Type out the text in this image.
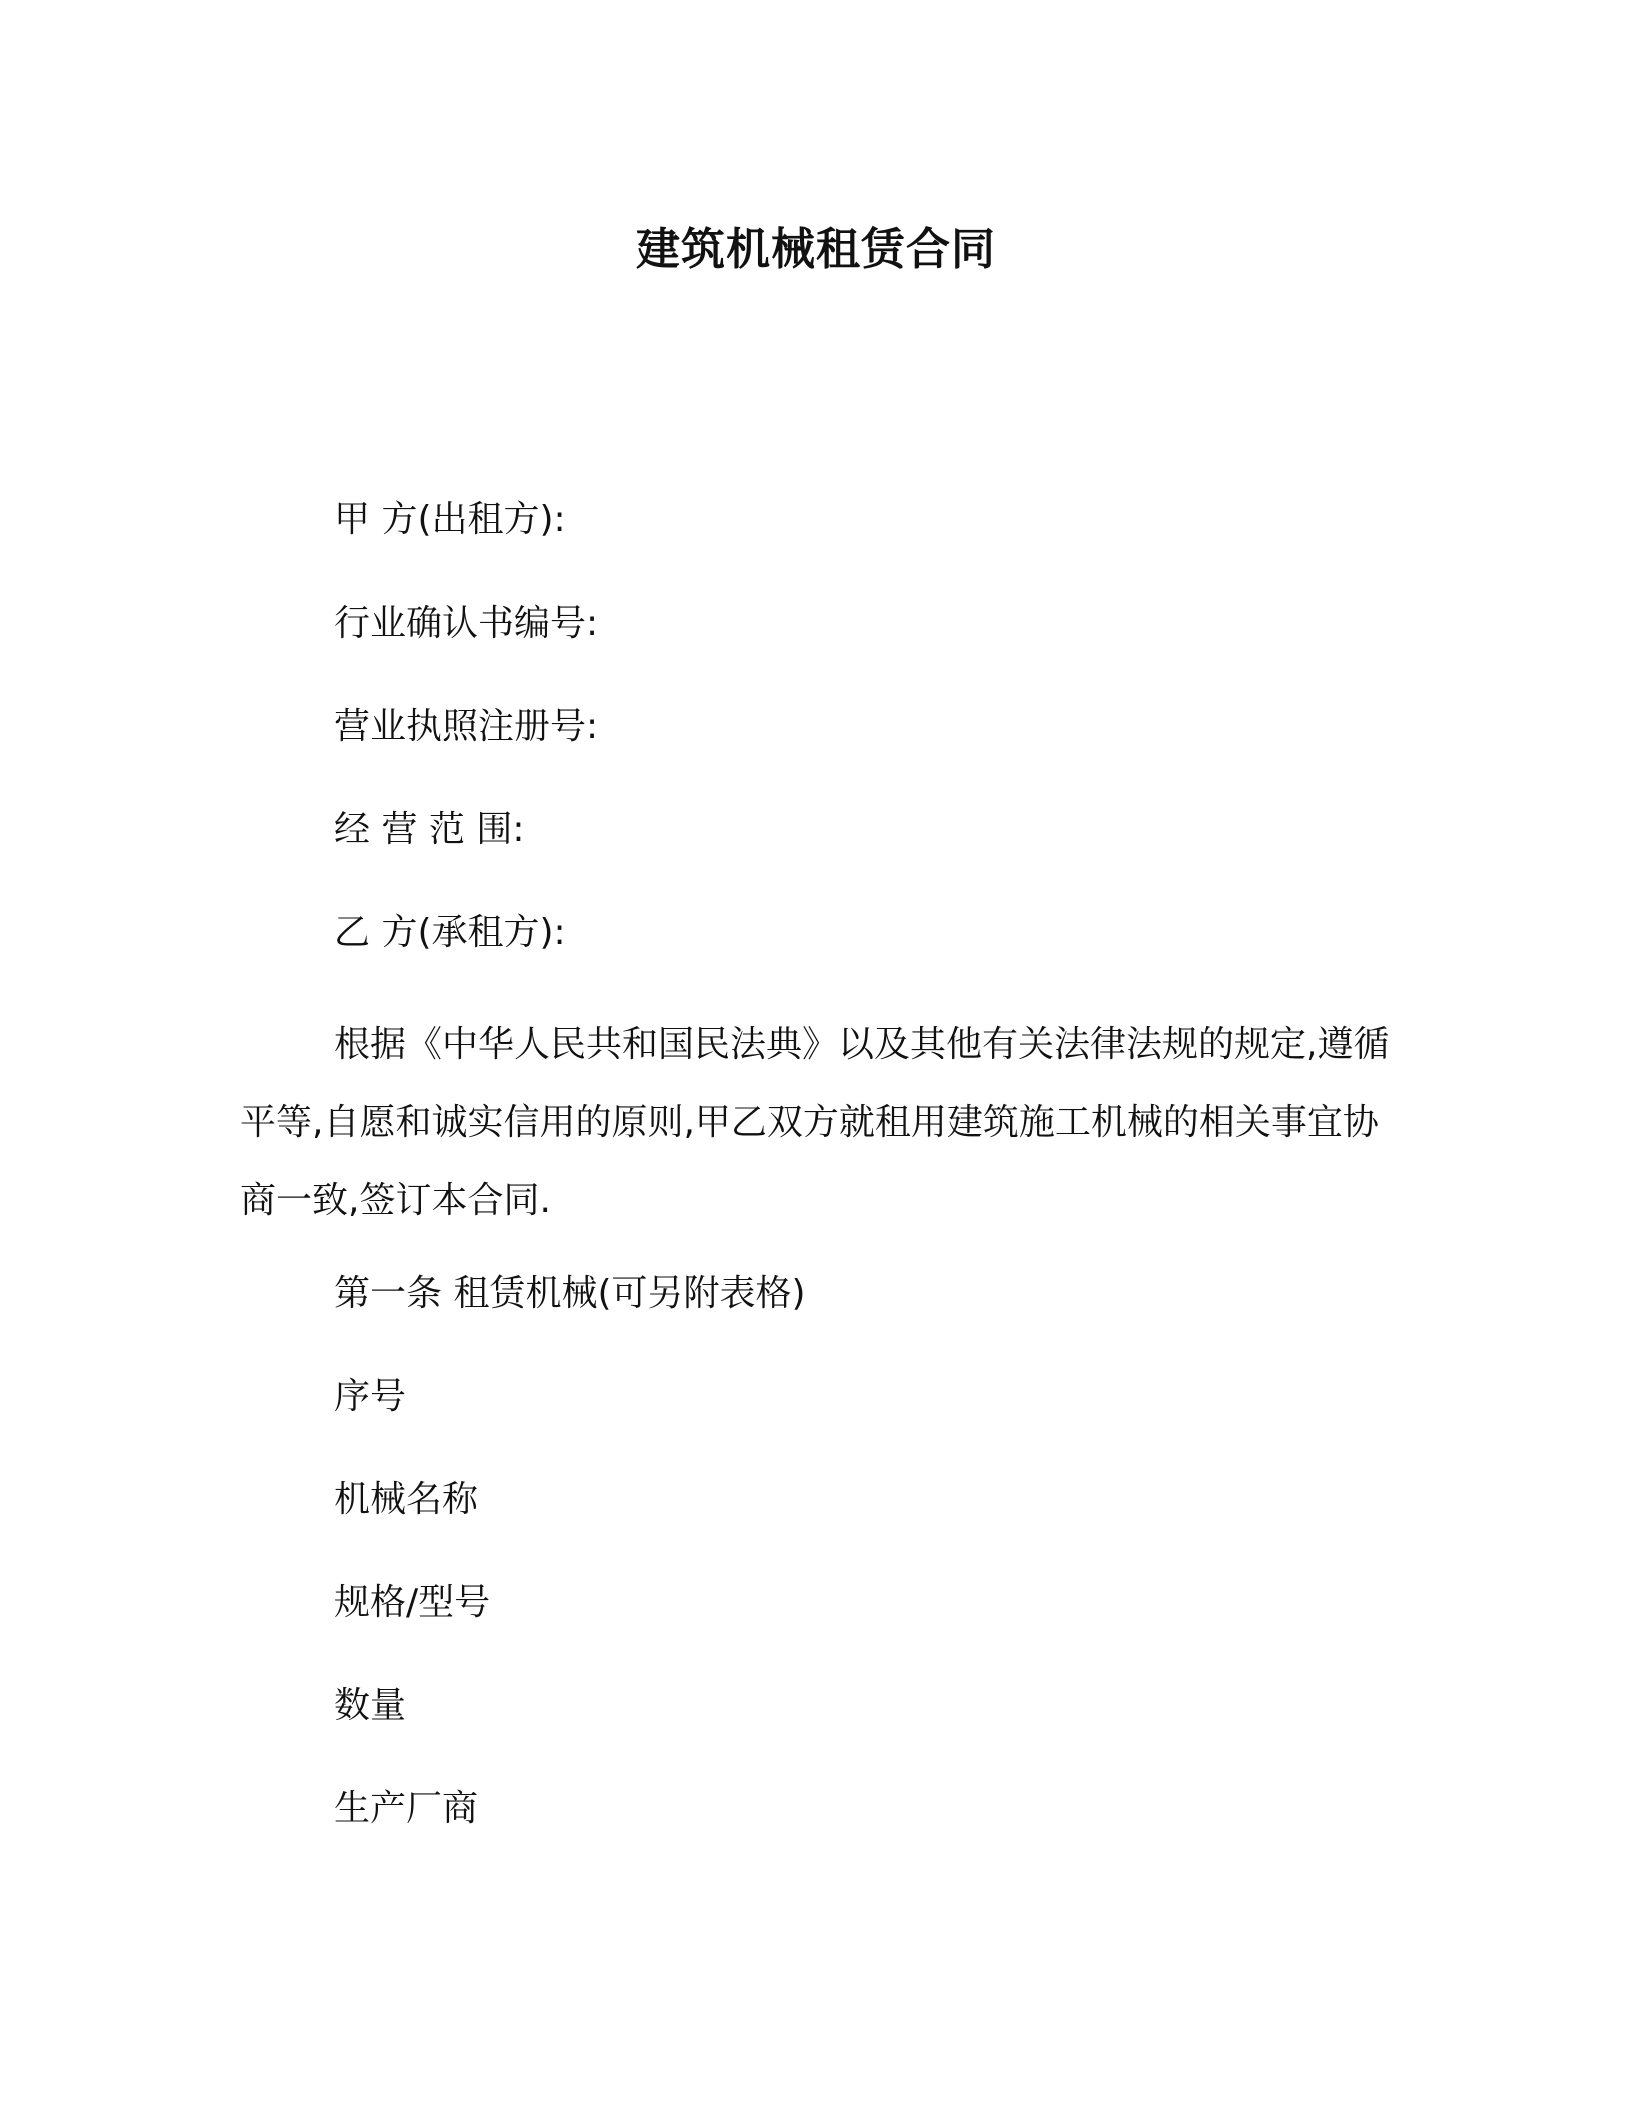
建筑机械租赁合同
甲 方(出租方):
行业确认书编号:
营业执照注册号:
经 营 范 围:
乙 方(承租方):
根据《中华人民共和国民法典》以及其他有关法律法规的规定,遵循平等,自愿和诚实信用的原则,甲乙双方就租用建筑施工机械的相关事宜协商一致,签订本合同.
第一条 租赁机械(可另附表格)
序号
机械名称
规格/型号
数量
生产厂商
